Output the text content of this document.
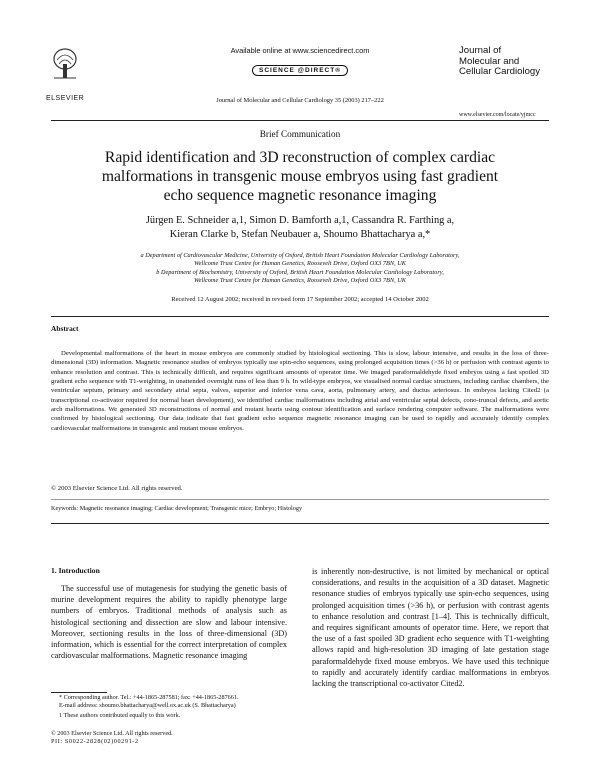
ELSEVIER
Available online at www.sciencedirect.com
SCIENCE @DIRECT®
Journal of Molecular and Cellular Cardiology 35 (2003) 217–222
Journal of
Molecular and
Cellular Cardiology
www.elsevier.com/locate/yjmcc
Brief Communication
Rapid identification and 3D reconstruction of complex cardiac
malformations in transgenic mouse embryos using fast gradient
echo sequence magnetic resonance imaging
Jürgen E. Schneider a,1, Simon D. Bamforth a,1, Cassandra R. Farthing a,
Kieran Clarke b, Stefan Neubauer a, Shoumo Bhattacharya a,*
a Department of Cardiovascular Medicine, University of Oxford, British Heart Foundation Molecular Cardiology Laboratory,
Wellcome Trust Centre for Human Genetics, Roosevelt Drive, Oxford OX3 7BN, UK
b Department of Biochemistry, University of Oxford, British Heart Foundation Molecular Cardiology Laboratory,
Wellcome Trust Centre for Human Genetics, Roosevelt Drive, Oxford OX3 7BN, UK
Received 12 August 2002; received in revised form 17 September 2002; accepted 14 October 2002
Abstract
Developmental malformations of the heart in mouse embryos are commonly studied by histological sectioning. This is slow, labour intensive, and results in the loss of three-dimensional (3D) information. Magnetic resonance studies of embryos typically use spin-echo sequences, using prolonged acquisition times (>36 h) or perfusion with contrast agents to enhance resolution and contrast. This is technically difficult, and requires significant amounts of operator time. We imaged paraformaldehyde fixed embryos using a fast spoiled 3D gradient echo sequence with T1-weighting, in unattended overnight runs of less than 9 h. In wild-type embryos, we visualised normal cardiac structures, including cardiac chambers, the ventricular septum, primary and secondary atrial septa, valves, superior and inferior vena cava, aorta, pulmonary artery, and ductus arteriosus. In embryos lacking Cited2 (a transcriptional co-activator required for normal heart development), we identified cardiac malformations including atrial and ventricular septal defects, cono-truncal defects, and aortic arch malformations. We generated 3D reconstructions of normal and mutant hearts using contour identification and surface rendering computer software. The malformations were confirmed by histological sectioning. Our data indicate that fast gradient echo sequence magnetic resonance imaging can be used to rapidly and accurately identify complex cardiovascular malformations in transgenic and mutant mouse embryos.
© 2003 Elsevier Science Ltd. All rights reserved.
Keywords: Magnetic resonance imaging; Cardiac development; Transgenic mice; Embryo; Histology
1. Introduction
The successful use of mutagenesis for studying the genetic basis of murine development requires the ability to rapidly phenotype large numbers of embryos. Traditional methods of analysis such as histological sectioning and dissection are slow and labour intensive. Moreover, sectioning results in the loss of three-dimensional (3D) information, which is essential for the correct interpretation of complex cardiovascular malformations. Magnetic resonance imaging
is inherently non-destructive, is not limited by mechanical or optical considerations, and results in the acquisition of a 3D dataset. Magnetic resonance studies of embryos typically use spin-echo sequences, using prolonged acquisition times (>36 h), or perfusion with contrast agents to enhance resolution and contrast [1–4]. This is technically difficult, and requires significant amounts of operator time. Here, we report that the use of a fast spoiled 3D gradient echo sequence with T1-weighting allows rapid and high-resolution 3D imaging of late gestation stage paraformaldehyde fixed mouse embryos. We have used this technique to rapidly and accurately identify cardiac malformations in embryos lacking the transcriptional co-activator Cited2.
* Corresponding author. Tel.: +44-1865-287581; fax: +44-1865-287661.
E-mail address: shoumo.bhattacharya@well.ox.ac.uk (S. Bhattacharya)
1 These authors contributed equally to this work.
© 2003 Elsevier Science Ltd. All rights reserved.
PII: S0022-2828(02)00291-2
